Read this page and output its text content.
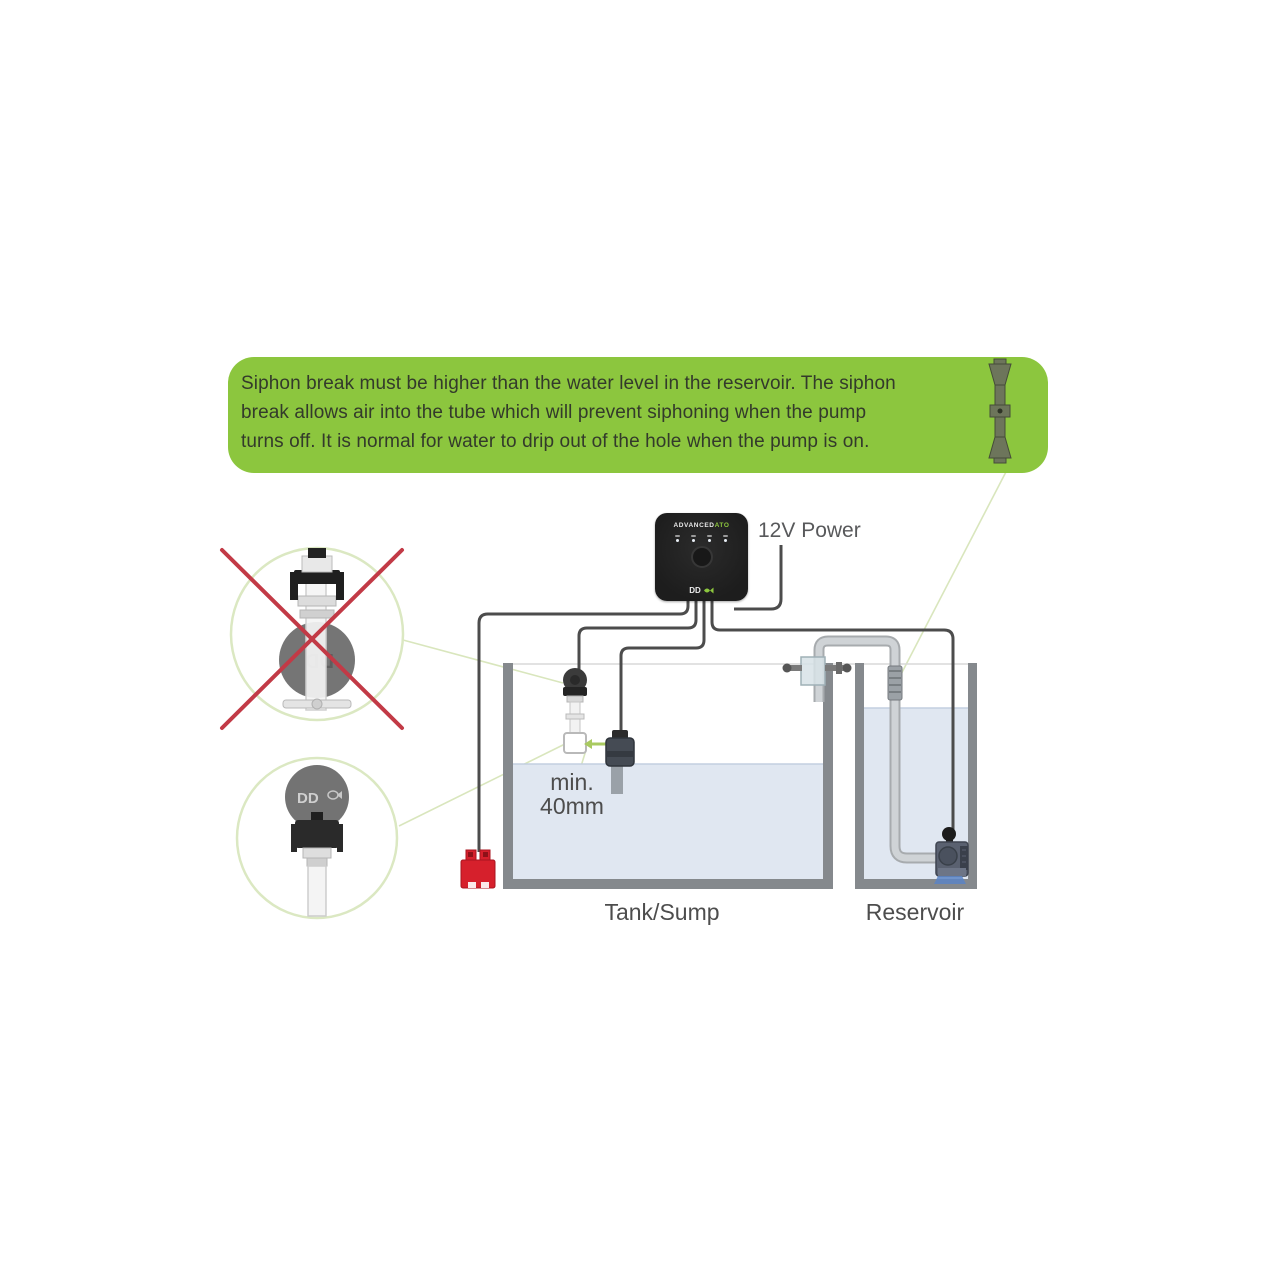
DD
Siphon break must be higher than the water level in the reservoir. The siphon
break allows air into the tube which will prevent siphoning when the pump
turns off. It is normal for water to drip out of the hole when the pump is on.
ADVANCEDATO
DD
12V Power
min.
40mm
Tank/Sump	Reservoir
